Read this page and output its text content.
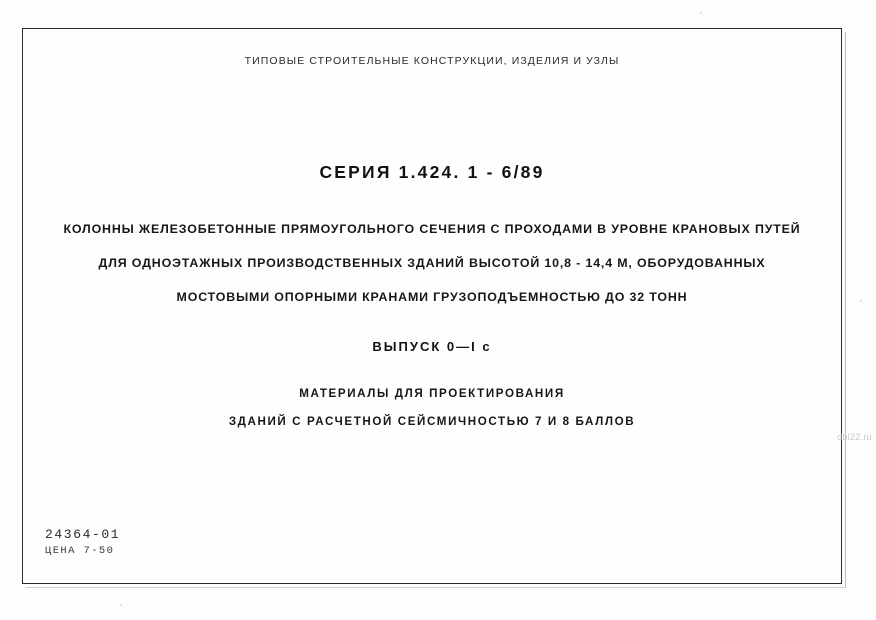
ТИПОВЫЕ СТРОИТЕЛЬНЫЕ КОНСТРУКЦИИ, ИЗДЕЛИЯ И УЗЛЫ
СЕРИЯ 1.424. 1 - 6/89
КОЛОННЫ ЖЕЛЕЗОБЕТОННЫЕ ПРЯМОУГОЛЬНОГО СЕЧЕНИЯ С ПРОХОДАМИ В УРОВНЕ КРАНОВЫХ ПУТЕЙ
ДЛЯ ОДНОЭТАЖНЫХ ПРОИЗВОДСТВЕННЫХ ЗДАНИЙ ВЫСОТОЙ 10,8 - 14,4 М, ОБОРУДОВАННЫХ
МОСТОВЫМИ ОПОРНЫМИ КРАНАМИ ГРУЗОПОДЪЕМНОСТЬЮ ДО 32 ТОНН
ВЫПУСК 0—I с
МАТЕРИАЛЫ ДЛЯ ПРОЕКТИРОВАНИЯ
ЗДАНИЙ С РАСЧЕТНОЙ СЕЙСМИЧНОСТЬЮ 7 И 8 БАЛЛОВ
24364-01
ЦЕНА 7-50
dbl22.ru
